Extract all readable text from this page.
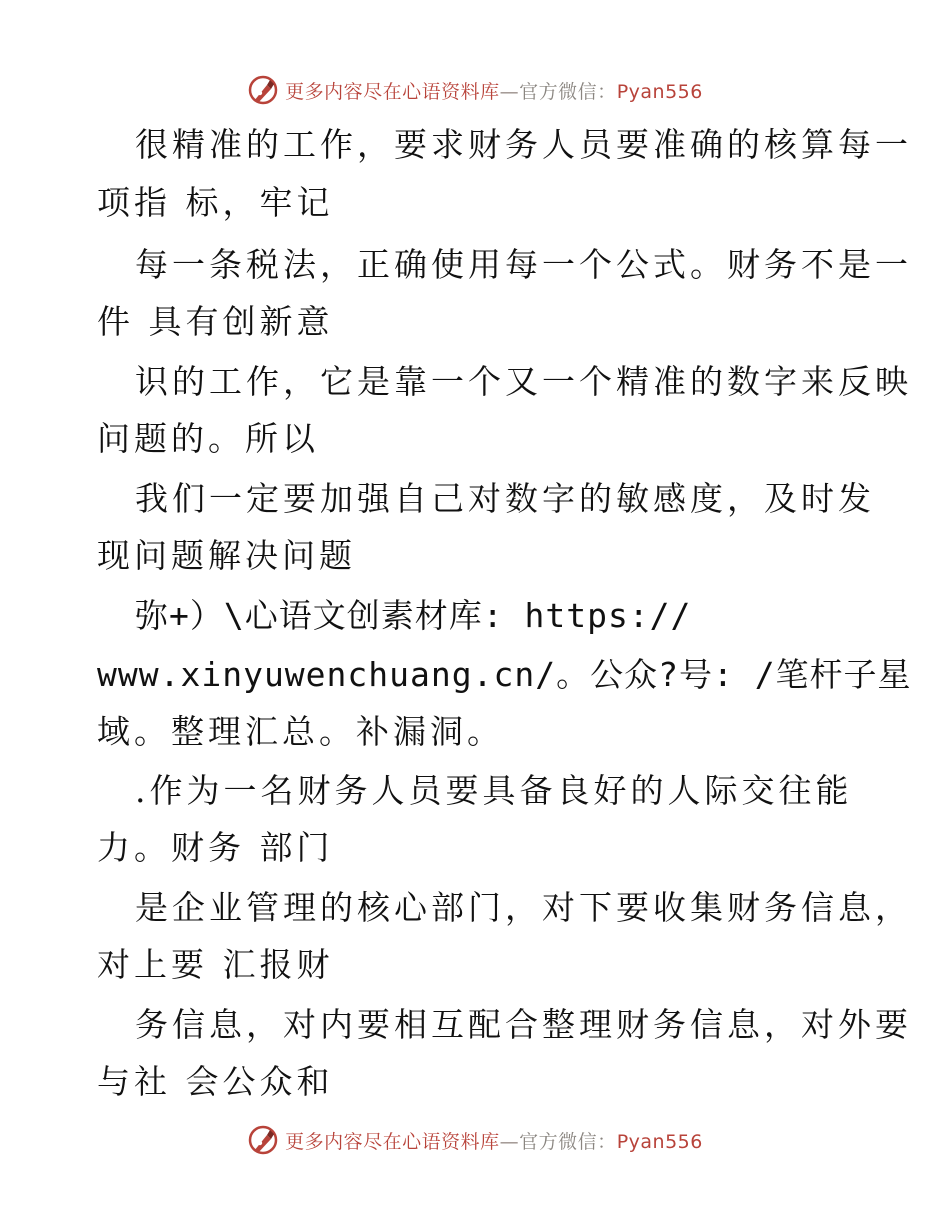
更多内容尽在心语资料库—官方微信：Pyan556
很精准的工作，要求财务人员要准确的核算每一
项指 标，牢记
每一条税法，正确使用每一个公式。财务不是一
件 具有创新意
识的工作，它是靠一个又一个精准的数字来反映
问题的。所以
我们一定要加强自己对数字的敏感度，及时发
现问题解决问题
弥+）\心语文创素材库: https://
www.xinyuwenchuang.cn/。公众?号: /笔杆子星
域。整理汇总。补漏洞。
.作为一名财务人员要具备良好的人际交往能
力。财务 部门
是企业管理的核心部门，对下要收集财务信息，
对上要 汇报财
务信息，对内要相互配合整理财务信息，对外要
与社 会公众和
更多内容尽在心语资料库—官方微信：Pyan556
